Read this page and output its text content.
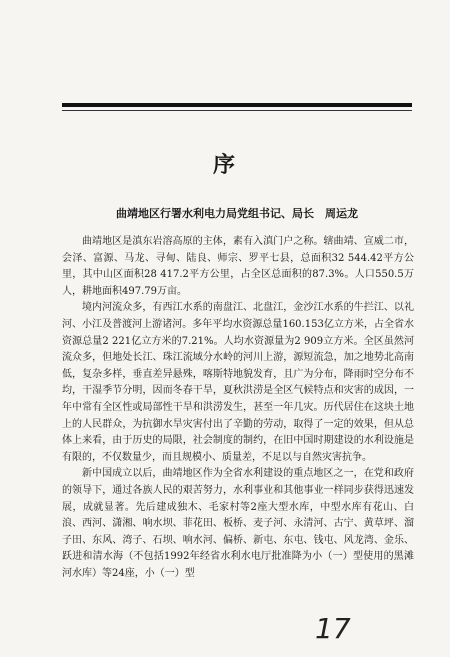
序
曲靖地区行署水利电力局党组书记、局长　周运龙

曲靖地区是滇东岩溶高原的主体，素有入滇门户之称。辖曲靖、宣威二市，会泽、富源、马龙、寻甸、陆良、师宗、罗平七县，总面积32 544.42平方公里，其中山区面积28 417.2平方公里，占全区总面积的87.3%。人口550.5万人，耕地面积497.79万亩。

境内河流众多，有西江水系的南盘江、北盘江，金沙江水系的牛拦江、以礼河、小江及普渡河上游诸河。多年平均水资源总量160.153亿立方米，占全省水资源总量2 221亿立方米的7.21%。人均水资源量为2 909立方米。全区虽然河流众多，但地处长江、珠江流域分水岭的河川上游，源短流急，加之地势北高南低，复杂多样，垂直差异悬殊，喀斯特地貌发育，且广为分布，降雨时空分布不均，干湿季节分明，因而冬春干旱，夏秋洪涝是全区气候特点和灾害的成因，一年中常有全区性或局部性干旱和洪涝发生，甚至一年几灾。历代居住在这块土地上的人民群众，为抗御水旱灾害付出了辛勤的劳动，取得了一定的效果，但从总体上来看，由于历史的局限，社会制度的制约，在旧中国时期建设的水利设施是有限的，不仅数量少，而且规模小、质量差，不足以与自然灾害抗争。

新中国成立以后，曲靖地区作为全省水利建设的重点地区之一，在党和政府的领导下，通过各族人民的艰苦努力，水利事业和其他事业一样同步获得迅速发展，成就显著。先后建成独木、毛家村等2座大型水库，中型水库有花山、白浪、西河、潇湘、响水坝、菲花田、板桥、麦子河、永清河、古宁、黄草坪、溜子田、东风、湾子、石坝、响水河、偏桥、新屯、东屯、钱屯、风龙湾、金乐、跃进和清水海（不包括1992年经省水利水电厅批准降为小（一）型使用的黑滩河水库）等24座，小（一）型

17
